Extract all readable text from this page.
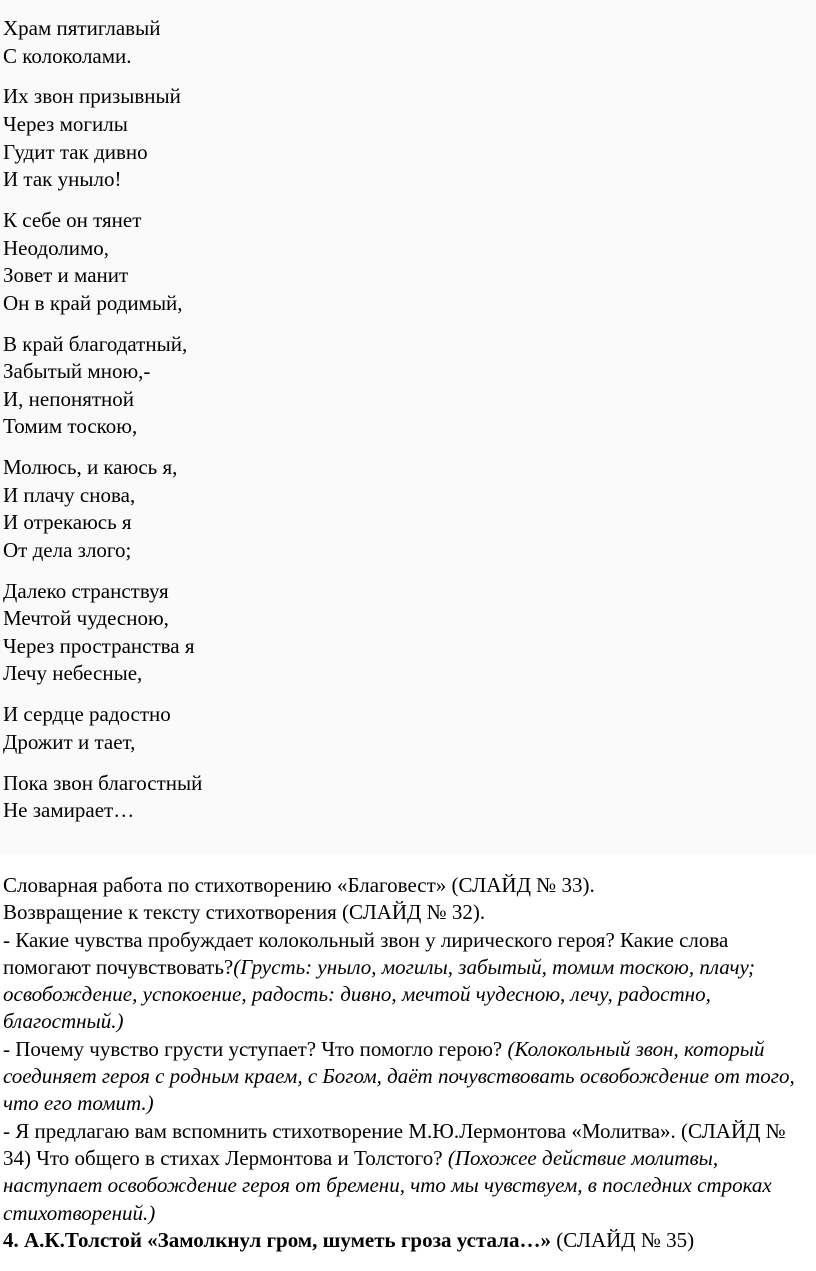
Храм пятиглавый
С колоколами.
Их звон призывный
Через могилы
Гудит так дивно
И так уныло!
К себе он тянет
Неодолимо,
Зовет и манит
Он в край родимый,
В край благодатный,
Забытый мною,-
И, непонятной
Томим тоскою,
Молюсь, и каюсь я,
И плачу снова,
И отрекаюсь я
От дела злого;
Далеко странствуя
Мечтой чудесною,
Через пространства я
Лечу небесные,
И сердце радостно
Дрожит и тает,
Пока звон благостный
Не замирает…

Словарная работа по стихотворению «Благовест» (СЛАЙД № 33).

Возвращение к тексту стихотворения (СЛАЙД № 32).

- Какие чувства пробуждает колокольный звон у лирического героя? Какие слова помогают почувствовать?(Грусть: уныло, могилы, забытый, томим тоскою, плачу; освобождение, успокоение, радость: дивно, мечтой чудесною, лечу, радостно, благостный.)

- Почему чувство грусти уступает? Что помогло герою? (Колокольный звон, который соединяет героя с родным краем, с Богом, даёт почувствовать освобождение от того, что его томит.)

- Я предлагаю вам вспомнить стихотворение М.Ю.Лермонтова «Молитва». (СЛАЙД № 34) Что общего в стихах Лермонтова и Толстого? (Похожее действие молитвы, наступает освобождение героя от бремени, что мы чувствуем, в последних строках стихотворений.)

4. А.К.Толстой «Замолкнул гром, шуметь гроза устала…» (СЛАЙД № 35)
